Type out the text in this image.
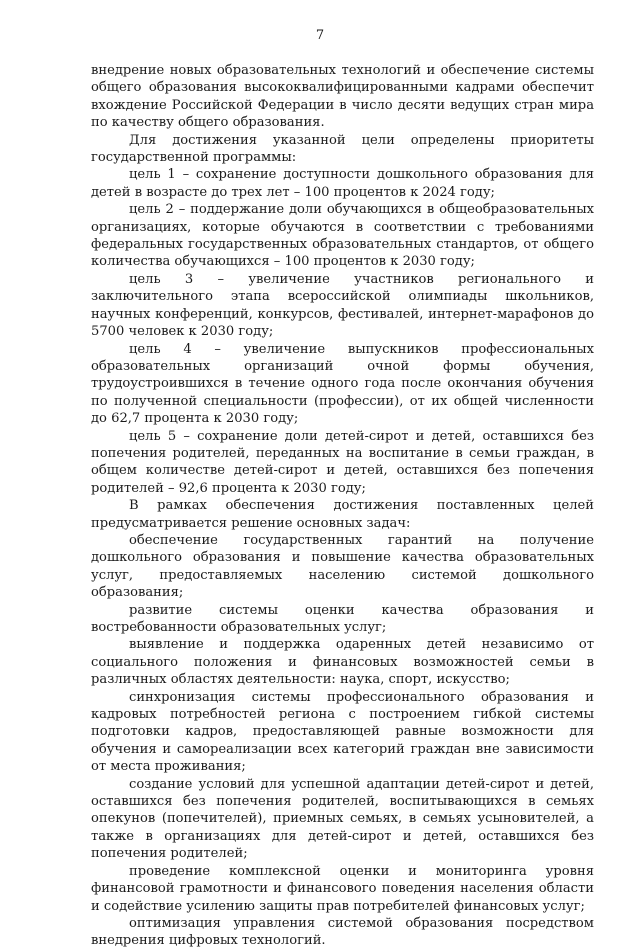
7

внедрение новых образовательных технологий и обеспечение системы общего образования высококвалифицированными кадрами обеспечит вхождение Российской Федерации в число десяти ведущих стран мира по качеству общего образования.

Для достижения указанной цели определены приоритеты государственной программы:

цель 1 – сохранение доступности дошкольного образования для детей в возрасте до трех лет – 100 процентов к 2024 году;

цель 2 – поддержание доли обучающихся в общеобразовательных организациях, которые обучаются в соответствии с требованиями федеральных государственных образовательных стандартов, от общего количества обучающихся – 100 процентов к 2030 году;

цель 3 – увеличение участников регионального и заключительного этапа всероссийской олимпиады школьников, научных конференций, конкурсов, фестивалей, интернет-марафонов до 5700 человек к 2030 году;

цель 4 – увеличение выпускников профессиональных образовательных организаций очной формы обучения, трудоустроившихся в течение одного года после окончания обучения по полученной специальности (профессии), от их общей численности до 62,7 процента к 2030 году;

цель 5 – сохранение доли детей-сирот и детей, оставшихся без попечения родителей, переданных на воспитание в семьи граждан, в общем количестве детей-сирот и детей, оставшихся без попечения родителей – 92,6 процента к 2030 году;

В рамках обеспечения достижения поставленных целей предусматривается решение основных задач:

обеспечение государственных гарантий на получение дошкольного образования и повышение качества образовательных услуг, предоставляемых населению системой дошкольного образования;

развитие системы оценки качества образования и востребованности образовательных услуг;

выявление и поддержка одаренных детей независимо от социального положения и финансовых возможностей семьи в различных областях деятельности: наука, спорт, искусство;

синхронизация системы профессионального образования и кадровых потребностей региона с построением гибкой системы подготовки кадров, предоставляющей равные возможности для обучения и самореализации всех категорий граждан вне зависимости от места проживания;

создание условий для успешной адаптации детей-сирот и детей, оставшихся без попечения родителей, воспитывающихся в семьях опекунов (попечителей), приемных семьях, в семьях усыновителей, а также в организациях для детей-сирот и детей, оставшихся без попечения родителей;

проведение комплексной оценки и мониторинга уровня финансовой грамотности и финансового поведения населения области и содействие усилению защиты прав потребителей финансовых услуг;

оптимизация управления системой образования посредством внедрения цифровых технологий.
